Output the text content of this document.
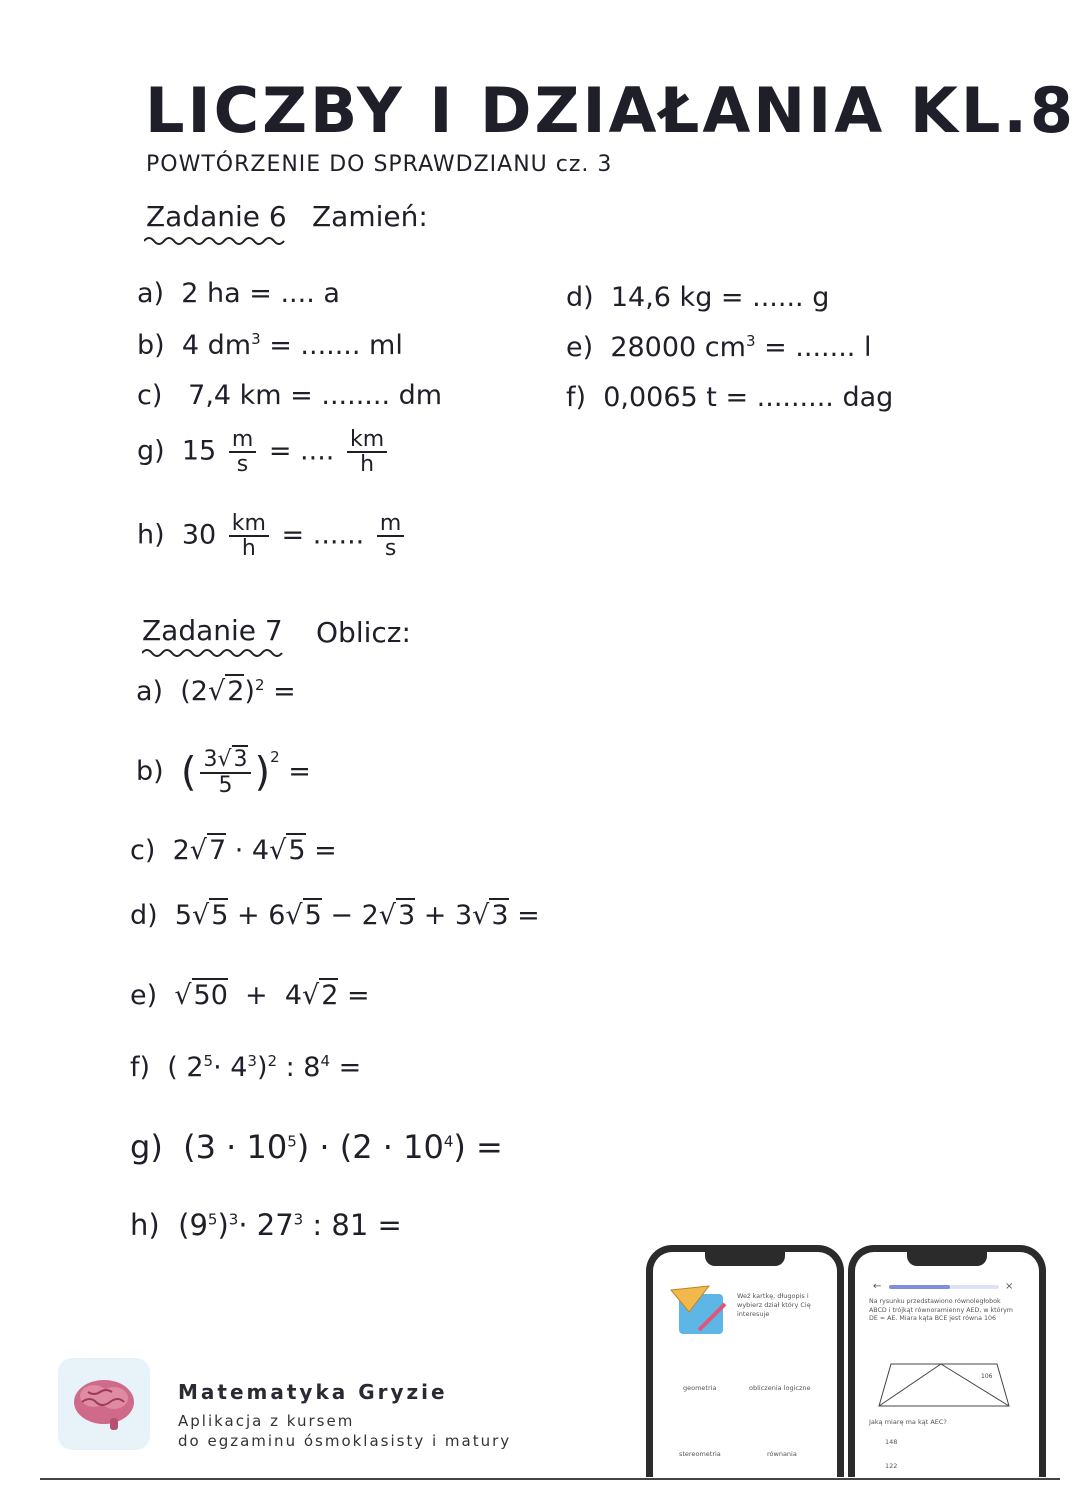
LICZBY I DZIAŁANIA KL.8
POWTÓRZENIE DO SPRAWDZIANU cz. 3
Zadanie 6 Zamień:
a) 2 ha = .... a
b) 4 $dm^3$ = ....... ml
c) 7,4 km = ........ dm
d) 14,6 kg = ...... g
e) 28000 $cm^3$ = ....... l
f) 0,0065 t = ......... dag
g) $15 \frac{m}{s}$ = .... $\frac{km}{h}$
h) $30 \frac{km}{h}$ = ...... $\frac{m}{s}$
Zadanie 7 Oblicz:
a) $(2√2)^2$ =
b) ( $\frac{3√3}{5} )^2$ =
c) 2√7 · 4√5 =
d) 5√5 + 6√5 − 2√3 + 3√3 =
e)  √50  +  4√2 =
f) ( $2^5\cdot 4^3)^2$ : $8^4$ =
g) $(3 \cdot 10^5) \cdot (2 \cdot 10^4)$ =
h) $(9^5)^3\cdot 27^3$ : 81 =
Matematyka Gryzie
Aplikacja z kursem
do egzaminu ósmoklasisty i matury
Weź kartkę, długopis i wybierz dział który Cię interesuje
geometria	obliczenia logiczne
stereometria	równania
←	×
Na rysunku przedstawiono równoległobok ABCD i trójkąt równoramienny AED, w którym DE = AE. Miara kąta BCE jest równa 106
106
Jaką miarę ma kąt AEC?
148
122
